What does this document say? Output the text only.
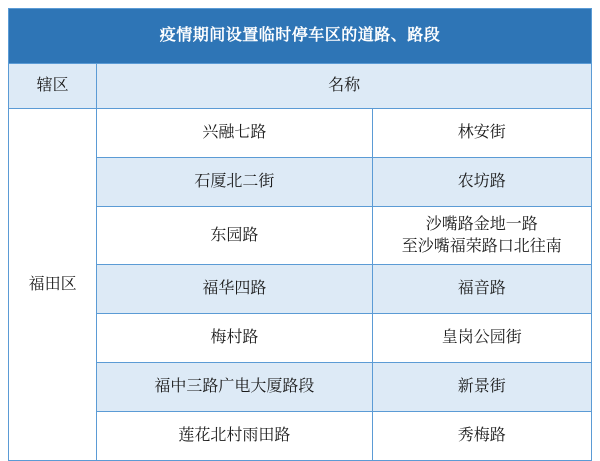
疫情期间设置临时停车区的道路、路段		
辖区	名称	
福田区	兴融七路	林安街
	石厦北二街	农坊路
	东园路	沙嘴路金地一路
至沙嘴福荣路口北往南

	福华四路	福音路
	梅村路	皇岗公园街
	福中三路广电大厦路段	新景街
	莲花北村雨田路	秀梅路
